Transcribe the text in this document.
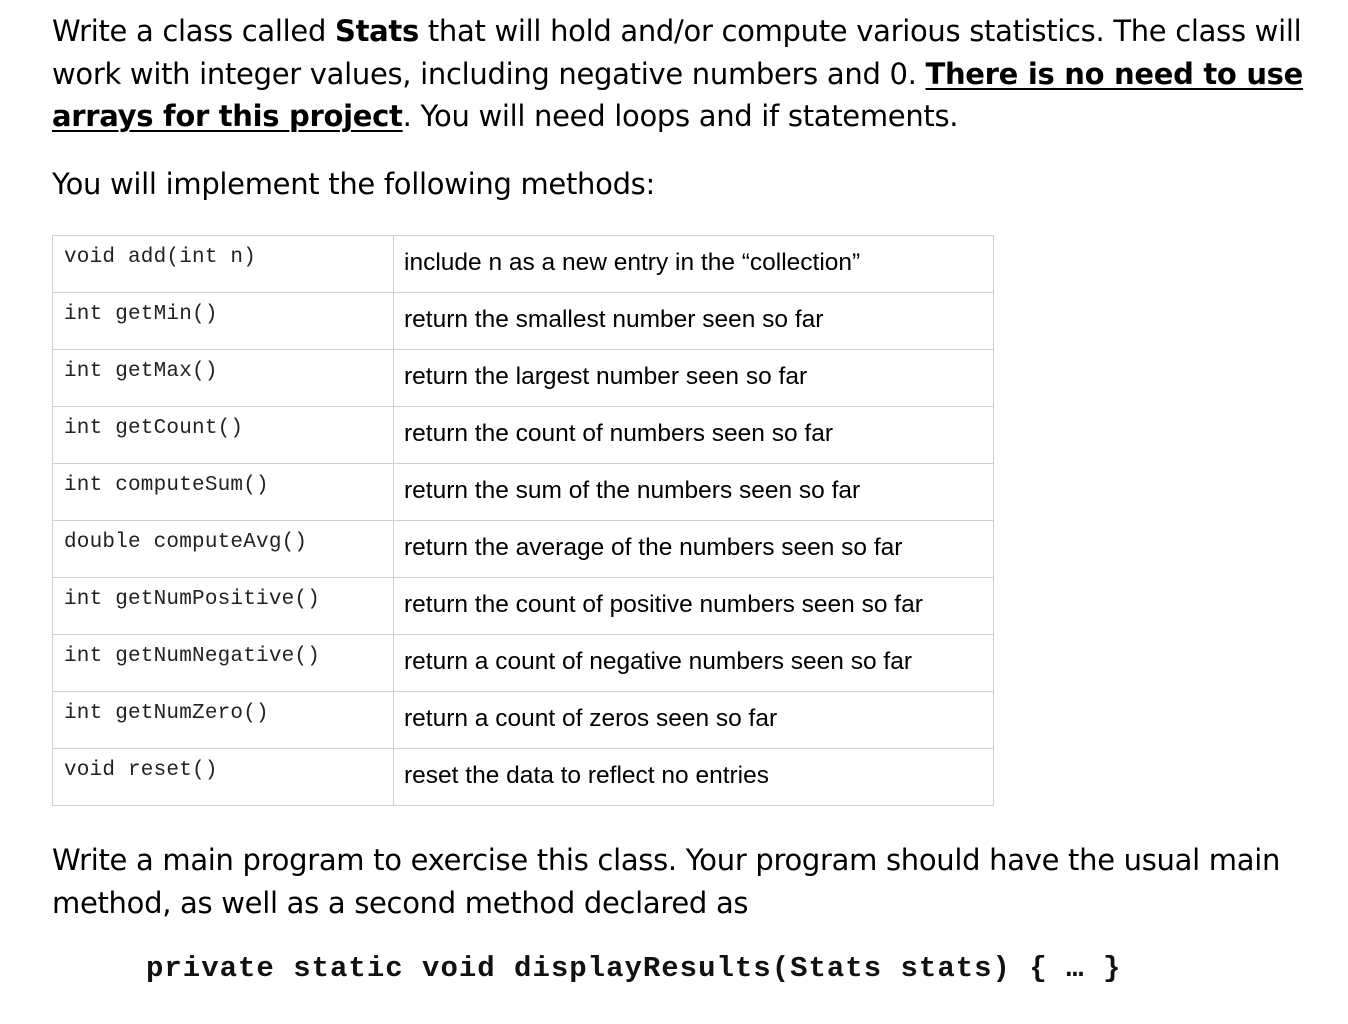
Write a class called Stats that will hold and/or compute various statistics. The class will work with integer values, including negative numbers and 0. There is no need to use arrays for this project. You will need loops and if statements.

You will implement the following methods:

void add(int n)	include n as a new entry in the “collection”

int getMin()	return the smallest number seen so far

int getMax()	return the largest number seen so far

int getCount()	return the count of numbers seen so far

int computeSum()	return the sum of the numbers seen so far

double computeAvg()	return the average of the numbers seen so far

int getNumPositive()	return the count of positive numbers seen so far

int getNumNegative()	return a count of negative numbers seen so far

int getNumZero()	return a count of zeros seen so far

void reset()	reset the data to reflect no entries

Write a main program to exercise this class. Your program should have the usual main method, as well as a second method declared as

private static void displayResults(Stats stats) { … }
